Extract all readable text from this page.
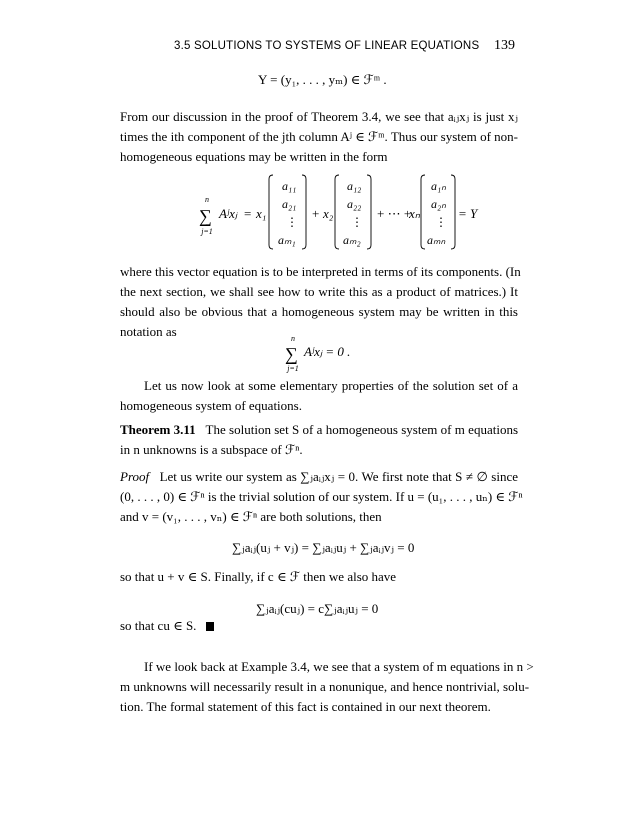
3.5 SOLUTIONS TO SYSTEMS OF LINEAR EQUATIONS 139
Y = (y₁, . . . , yₘ) ∈ ℱᵐ .
From our discussion in the proof of Theorem 3.4, we see that aᵢⱼxⱼ is just xⱼ
times the ith component of the jth column Aʲ ∈ ℱᵐ. Thus our system of non-
homogeneous equations may be written in the form
n
∑
j=1
Aʲxⱼ = x₁
a₁₁
a₂₁
⋮
aₘ₁
+ x₂
a₁₂
a₂₂
⋮
aₘ₂
+ ⋯ +
xₙ
a₁ₙ
a₂ₙ
⋮
aₘₙ
= Y
where this vector equation is to be interpreted in terms of its components. (In
the next section, we shall see how to write this as a product of matrices.) It
should also be obvious that a homogeneous system may be written in this
notation as	n
∑
j=1
Aʲxⱼ = 0 .
Let us now look at some elementary properties of the solution set of a
homogeneous system of equations.
Theorem 3.11 The solution set S of a homogeneous system of m equations
in n unknowns is a subspace of ℱⁿ.
Proof Let us write our system as ∑ⱼaᵢⱼxⱼ = 0. We first note that S ≠ ∅ since
(0, . . . , 0) ∈ ℱⁿ is the trivial solution of our system. If u = (u₁, . . . , uₙ) ∈ ℱⁿ
and v = (v₁, . . . , vₙ) ∈ ℱⁿ are both solutions, then
∑ⱼaᵢⱼ(uⱼ + vⱼ) = ∑ⱼaᵢⱼuⱼ + ∑ⱼaᵢⱼvⱼ = 0
so that u + v ∈ S. Finally, if c ∈ ℱ then we also have
∑ⱼaᵢⱼ(cuⱼ) = c∑ⱼaᵢⱼuⱼ = 0
so that cu ∈ S.
If we look back at Example 3.4, we see that a system of m equations in n >
m unknowns will necessarily result in a nonunique, and hence nontrivial, solu-
tion. The formal statement of this fact is contained in our next theorem.
